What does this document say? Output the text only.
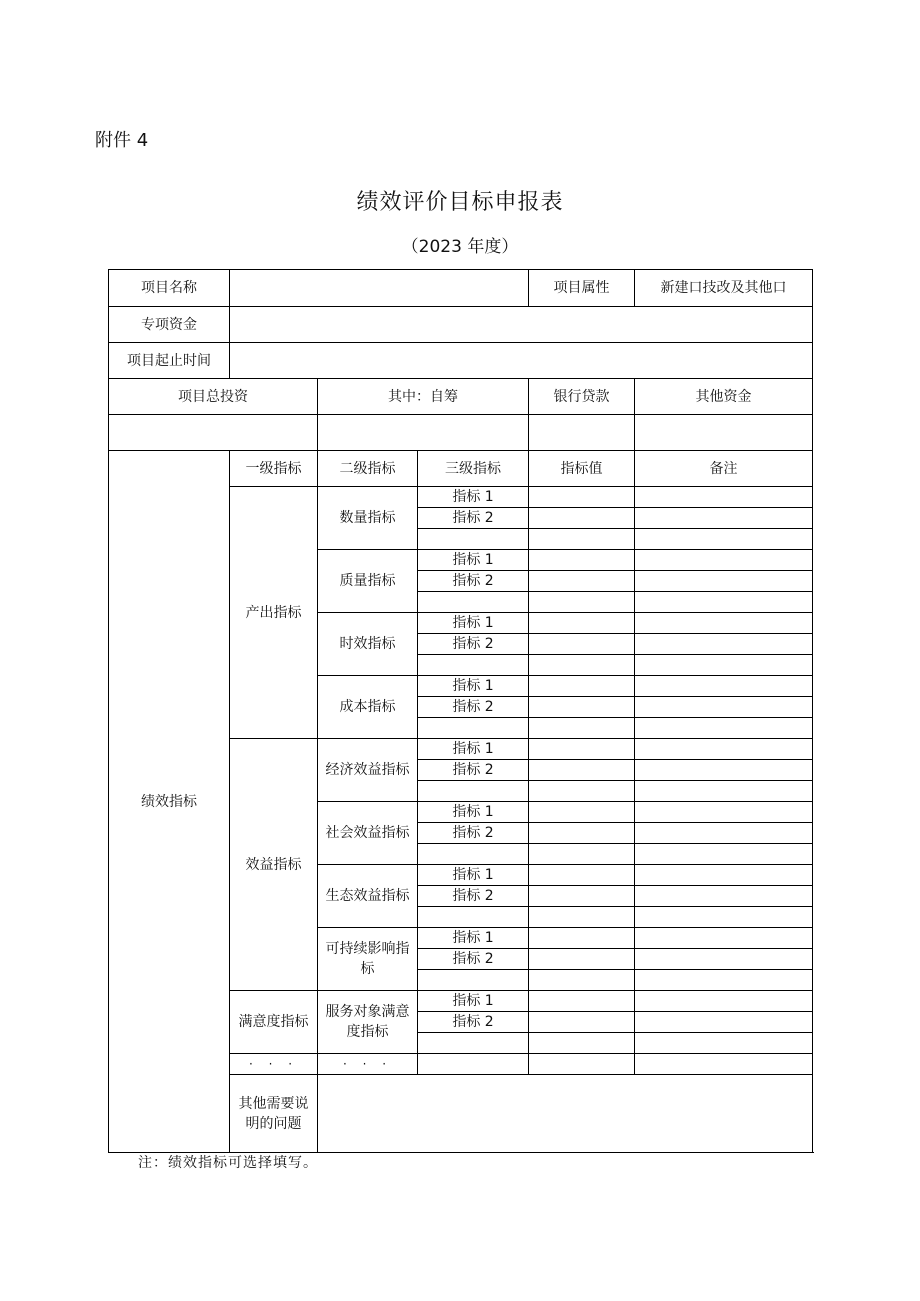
附件 4
绩效评价目标申报表
（2023 年度）
项目名称				项目属性	新建口技改及其他口
专项资金					
项目起止时间					
项目总投资		其中：自筹		银行贷款	其他资金

绩效指标	一级指标	二级指标	三级指标	指标值	备注
	产出指标	数量指标	指标 1		
			指标 2		

		质量指标	指标 1		
			指标 2		

		时效指标	指标 1		
			指标 2		

		成本指标	指标 1		
			指标 2		

	效益指标	经济效益指标	指标 1		
			指标 2		

		社会效益指标	指标 1		
			指标 2		

		生态效益指标	指标 1		
			指标 2		

		可持续影响指标	指标 1		
			指标 2		

	满意度指标	服务对象满意度指标	指标 1		
			指标 2		

	· · ·	· · ·			
	其他需要说明的问题				
注：绩效指标可选择填写。
